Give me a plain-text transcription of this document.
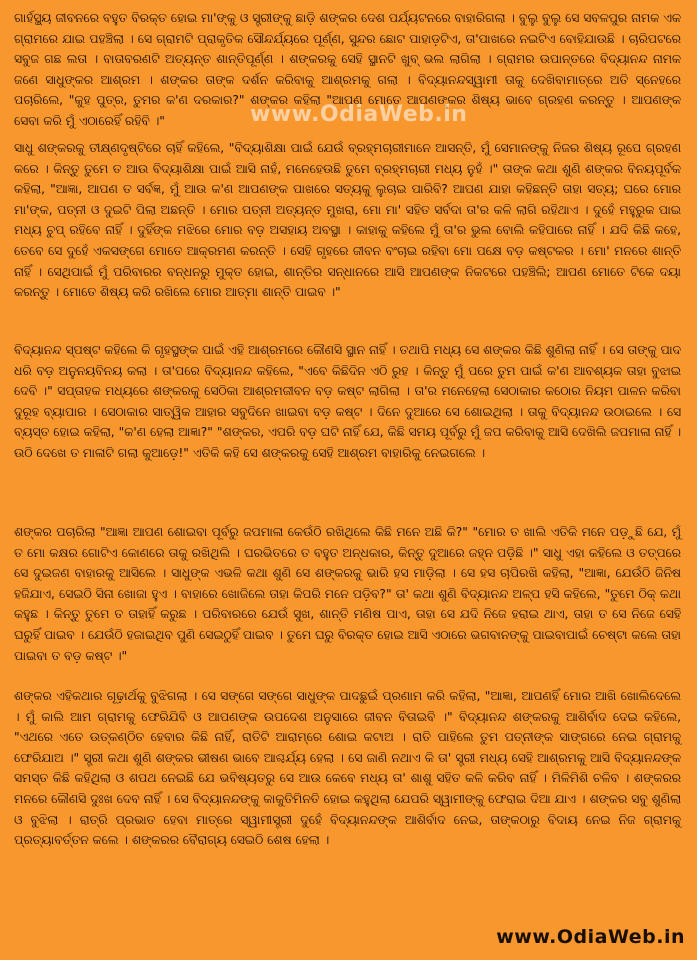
ଗାର୍ହସ୍ଥ୍ୟ ଜୀବନରେ ବହୁତ ବିରକ୍ତ ହୋଇ ମା'ଙ୍କୁ ଓ ସ୍ତ୍ରୀଙ୍କୁ ଛାଡ଼ି ଶଙ୍କର ଦେଶ ପର୍ଯ୍ୟଟନରେ ବାହାରିଗଲା । ବୁଲୁ ବୁଲୁ ସେ ସବଳପୁର ନାମକ ଏକ ଗ୍ରାମରେ ଯାଇ ପହଞ୍ଚିଲା । ସେ ଗ୍ରାମଟି ପ୍ରାକୃତିକ ସୌନ୍ଦର୍ଯ୍ୟରେ ପୂର୍ଣ୍ଣ, ସୁନ୍ଦର ଛୋଟ ପାହାଡ଼ଟିଏ, ତା'ପାଖରେ ନଇଟିଏ ବୋହିଯାଉଛି । ଚାରିପଟରେ ସବୁଜ ଗଛ ଲତା । ବାତାବରଣଟି ଅତ୍ୟନ୍ତ ଶାନ୍ତିପୂର୍ଣ୍ଣ । ଶଙ୍କରକୁ ସେହି ସ୍ଥାନଟି ଖୁବ୍ ଭଲ ଲାଗିଲା । ଗ୍ରାମର ଉପାନ୍ତରେ ବିଦ୍ୟାନନ୍ଦ ନାମକ ଜଣେ ସାଧୁଙ୍କର ଆଶ୍ରମ । ଶଙ୍କର ତାଙ୍କ ଦର୍ଶନ କରିବାକୁ ଆଶ୍ରମକୁ ଗଲା । ବିଦ୍ୟାନନ୍ଦସ୍ୱାମୀ ତାକୁ ଦେଖିବାମାତ୍ରେ ଅତି ସ୍ନେହରେ ପଚାରିଲେ, "କୁହ ପୁତ୍ର, ତୁମର କ'ଣ ଦରକାର?" ଶଙ୍କର କହିଲା "ଆପଣ ମୋତେ ଆପଣଙ୍କର ଶିଷ୍ୟ ଭାବେ ଗ୍ରହଣ କରନ୍ତୁ । ଆପଣଙ୍କ ସେବା କରି ମୁଁ ଏଠାରେହିଁ ରହିବି ।"

ସାଧୁ ଶଙ୍କରକୁ ତୀକ୍ଷ୍ଣଦୃଷ୍ଟିରେ ଚାହିଁ କହିଲେ, "ବିଦ୍ୟାଶିକ୍ଷା ପାଇଁ ଯେଉଁ ବ୍ରହ୍ମଚାରୀମାନେ ଆସନ୍ତି, ମୁଁ ସେମାନଙ୍କୁ ନିଜର ଶିଷ୍ୟ ରୂପେ ଗ୍ରହଣ କରେ । କିନ୍ତୁ ତୁମେ ତ ଆଉ ବିଦ୍ୟାଶିକ୍ଷା ପାଇଁ ଆସି ନାହଁ, ମନେହେଉଛି ତୁମେ ବ୍ରହ୍ମଚାରୀ ମଧ୍ୟ ନୁହଁ ।" ତାଙ୍କ କଥା ଶୁଣି ଶଙ୍କର ବିନୟପୂର୍ବକ କହିଲା, "ଆଜ୍ଞା, ଆପଣ ତ ସର୍ବଜ୍ଞ, ମୁଁ ଆଉ କ'ଣ ଆପଣଙ୍କ ପାଖରେ ସତ୍ୟକୁ ଲୁଚାଇ ପାରିବି? ଆପଣ ଯାହା କହିଛନ୍ତି ତାହା ସତ୍ୟ; ଘରେ ମୋର ମା'ଙ୍କ, ପତ୍ନୀ ଓ ଦୁଇଟି ପିଲା ଅଛନ୍ତି । ମୋର ପତ୍ନୀ ଅତ୍ୟନ୍ତ ମୁଖରା, ମୋ ମା' ସହିତ ସର୍ବଦା ତା'ର କଳି ଲାଗି ରହିଥାଏ । ଦୁହେଁ ମହୁରୁକ ପାଇ ମଧ୍ୟ ଚୁପ୍ ରହିବେ ନାହିଁ । ଦୁହିଁଙ୍କ ମଝିରେ ମୋର ବଡ଼ ଅସହାୟ ଅବସ୍ଥା । କାହାକୁ କହିଲେ ମୁଁ ତା'ର ଭୁଲ ବୋଲି କହିପାରେ ନାହିଁ । ଯଦି କିଛି କହେ, ତେବେ ସେ ଦୁହେଁ ଏକସଙ୍ଗେ ମୋତେ ଆକ୍ରମଣ କରନ୍ତି । ସେହି ଗୃହରେ ଜୀବନ ବଂଚାଇ ରହିବା ମୋ ପକ୍ଷେ ବଡ଼ କଷ୍ଟକର । ମୋ' ମନରେ ଶାନ୍ତି ନାହିଁ । ସେଥିପାଇଁ ମୁଁ ପରିବାରର ବନ୍ଧନରୁ ମୁକ୍ତ ହୋଇ, ଶାନ୍ତିର ସନ୍ଧାନରେ ଆସି ଆପଣଙ୍କ ନିକଟରେ ପହଞ୍ଚିଲି; ଆପଣ ମୋତେ ଟିକେ ଦୟା କରନ୍ତୁ । ମୋତେ ଶିଷ୍ୟ କରି ରଖିଲେ ମୋର ଆତ୍ମା ଶାନ୍ତି ପାଇବ ।"

ବିଦ୍ୟାନନ୍ଦ ସ୍ପଷ୍ଟ କହିଲେ କି ଗୃହସ୍ଥଙ୍କ ପାଇଁ ଏହି ଆଶ୍ରମରେ କୌଣସି ସ୍ଥାନ ନାହିଁ । ତଥାପି ମଧ୍ୟ ସେ ଶଙ୍କର କିଛି ଶୁଣିଲା ନାହିଁ । ସେ ତାଙ୍କୁ ପାଦ ଧରି ବଡ଼ ଅନୁନୟବିନୟ କଲା । ତା'ପରେ ବିଦ୍ୟାନନ୍ଦ କହିଲେ, "ଏବେ କିଛିଦିନ ଏଠି ରୁହ । କିନ୍ତୁ ମୁଁ ପରେ ତୁମ ପାଇଁ କ'ଣ ଆବଶ୍ୟକ ତାହା ବୁଝାଇ ଦେବି ।" ସପ୍ତାହକ ମଧ୍ୟରେ ଶଙ୍କରକୁ ସେଠିକା ଆଶ୍ରମଜୀବନ ବଡ଼ କଷ୍ଟ ଲାଗିଲା । ତା'ର ମନେହେଲା ସେଠାକାର କଠୋର ନିୟମ ପାଳନ କରିବା ଦୁରୂହ ବ୍ୟାପାର । ସେଠାକାର ସାତ୍ୱିକ ଆହାର ସବୁଦିନେ ଖାଇବା ବଡ଼ କଷ୍ଟ । ଦିନେ ଦୁଆରେ ସେ ଶୋଇଥିଲା । ତାକୁ ବିଦ୍ୟାନନ୍ଦ ଉଠାଇଲେ । ସେ ବ୍ୟସ୍ତ ହୋଇ କହିଲା, "କ'ଣ ହେଲା ଆଜ୍ଞା?" "ଶଙ୍କର, ଏପରି ବଡ଼ ଘଟି ନାହିଁ ଯେ, କିଛି ସମୟ ପୂର୍ବରୁ ମୁଁ ଜପ କରିବାକୁ ଆସି ଦେଖିଲି ଜପମାଳା ନାହିଁ । ଉଠି ଦେଖେ ତ ମାଳାଟି ଗଲା କୁଆଡ଼େ!" ଏତିକି କହି ସେ ଶଙ୍କରକୁ ସେହି ଆଶ୍ରମ ବାହାରିକୁ ନେଇଗଲେ ।

ଶଙ୍କର ପଚାରିଲା "ଆଜ୍ଞା ଆପଣ ଶୋଇବା ପୂର୍ବରୁ ଜପମାଳା କେଉଁଠି ରଖିଥିଲେ କିଛି ମନେ ଅଛି କି?" "ମୋର ତ ଖାଲି ଏତିକି ମନେ ପଡ଼ୁଛି ଯେ, ମୁଁ ତ ମୋ କକ୍ଷର ଗୋଟିଏ କୋଣରେ ତାକୁ ରଖିଥିଲି । ଘରଭିତରେ ତ ବହୁତ ଅନ୍ଧକାର, କିନ୍ତୁ ଦୁଆରେ ଜହ୍ନ ପଡ଼ିଛି ।" ସାଧୁ ଏହା କହିଲେ ଓ ତତ୍ପରେ ସେ ଦୁଇଜଣ ବାହାରକୁ ଆସିଲେ । ସାଧୁଙ୍କ ଏଭଳି କଥା ଶୁଣି ସେ ଶଙ୍କରକୁ ଭାରି ହସ ମାଡ଼ିଲା । ସେ ହସ ଚାପିରଖି କହିଲା, "ଆଜ୍ଞା, ଯେଉଁଠି ଜିନିଷ ହଜିଯାଏ, ସେଇଠି ସିନା ଖୋଜା ହୁଏ । ବାହାରେ ଖୋଜିଲେ ତାହା କିପରି ମନେ ପଡ଼ିବ?" ତା' କଥା ଶୁଣି ବିଦ୍ୟାନନ୍ଦ ଅଳ୍ପ ହସି କହିଲେ, "ତୁମେ ଠିକ୍ କଥା କହୁଛ । କିନ୍ତୁ ତୁମେ ତ ତାହାହିଁ କରୁଛ । ପରିବାରରେ ଯେଉଁ ସୁଖ, ଶାନ୍ତି ମଣିଷ ପାଏ, ତାହା ସେ ଯଦି ନିଜେ ହରାଇ ଥାଏ, ତାହା ତ ସେ ନିଜେ ସେହି ଘରୁହିଁ ପାଇବ । ଯେଉଁଠି ହଜାଇଥିବ ପୁଣି ସେଇଠୁହିଁ ପାଇବ । ତୁମେ ଘରୁ ବିରକ୍ତ ହୋଇ ଆସି ଏଠାରେ ଭଗବାନଙ୍କୁ ପାଇବାପାଇଁ ଚେଷ୍ଟା କଲେ ତାହା ପାଇବା ତ ବଡ଼ କଷ୍ଟ ।"

ଶଙ୍କର ଏହିକଥାର ଗୂଢ଼ାର୍ଥକୁ ବୁଝିଗଲା । ସେ ସଙ୍ଗେ ସଙ୍ଗେ ସାଧୁଙ୍କ ପାଦଛୁଇଁ ପ୍ରଣାମ କରି କହିଲା, "ଆଜ୍ଞା, ଆପଣହିଁ ମୋର ଆଖି ଖୋଲିଦେଲେ । ମୁଁ କାଲି ଆମ ଗ୍ରାମକୁ ଫେରିଯିବି ଓ ଆପଣଙ୍କ ଉପଦେଶ ଅନୁସାରେ ଜୀବନ ବିତାଇବି ।" ବିଦ୍ୟାନନ୍ଦ ଶଙ୍କରକୁ ଆଶିର୍ବାଦ ଦେଇ କହିଲେ, "ଏଥରେ ଏତେ ଉତ୍କଣ୍ଠିତ ହେବାର କିଛି ନାହିଁ, ରାତିଟି ଆରାମ୍ରେ ଶୋଇ କଟାଅ । ରାତି ପାହିଲେ ତୁମ ପତ୍ନୀଙ୍କ ସାଙ୍ଗରେ ନେଇ ଗ୍ରାମକୁ ଫେରିଯାଅ ।" ସ୍ତ୍ରୀ କଥା ଶୁଣି ଶଙ୍କର ଭୀଷଣ ଭାବେ ଆଶ୍ଚର୍ଯ୍ୟ ହେଲା । ସେ ଜାଣି ନଥାଏ କି ତା' ସ୍ତ୍ରୀ ମଧ୍ୟ ସେହି ଆଶ୍ରମକୁ ଆସି ବିଦ୍ୟାନନ୍ଦଙ୍କ ସମସ୍ତ କିଛି କହିଥିଲା ଓ ଶପଥ ନେଇଛି ଯେ ଭବିଷ୍ୟତରୁ ସେ ଆଉ କେବେ ମଧ୍ୟ ତା' ଶାଶୁ ସହିତ କଳି କରିବ ନାହିଁ । ମିଳିମିଶି ଚଳିବ । ଶଙ୍କରର ମନରେ କୌଣସି ଦୁଃଖ ଦେବ ନାହିଁ । ସେ ବିଦ୍ୟାନନ୍ଦଙ୍କୁ କାକୁତିମିନତି ହୋଇ କହୁଥିଲା ଯେପରି ସ୍ୱାମୀଙ୍କୁ ଫେରାଇ ଦିଆ ଯାଏ । ଶଙ୍କର ସବୁ ଶୁଣିଲା ଓ ବୁଝିଲା । ରାତ୍ରି ପ୍ରଭାତ ହେବା ମାତ୍ରେ ସ୍ୱାମୀସ୍ତ୍ରୀ ଦୁହେଁ ବିଦ୍ୟାନନ୍ଦଙ୍କ ଆଶିର୍ବାଦ ନେଇ, ତାଙ୍କଠାରୁ ବିଦାୟ ନେଇ ନିଜ ଗ୍ରାମକୁ ପ୍ରତ୍ୟାବର୍ତ୍ତନ କଲେ । ଶଙ୍କରର ବୈରାଗ୍ୟ ସେଇଠି ଶେଷ ହେଲା ।

www.OdiaWeb.in
www.OdiaWeb.in
